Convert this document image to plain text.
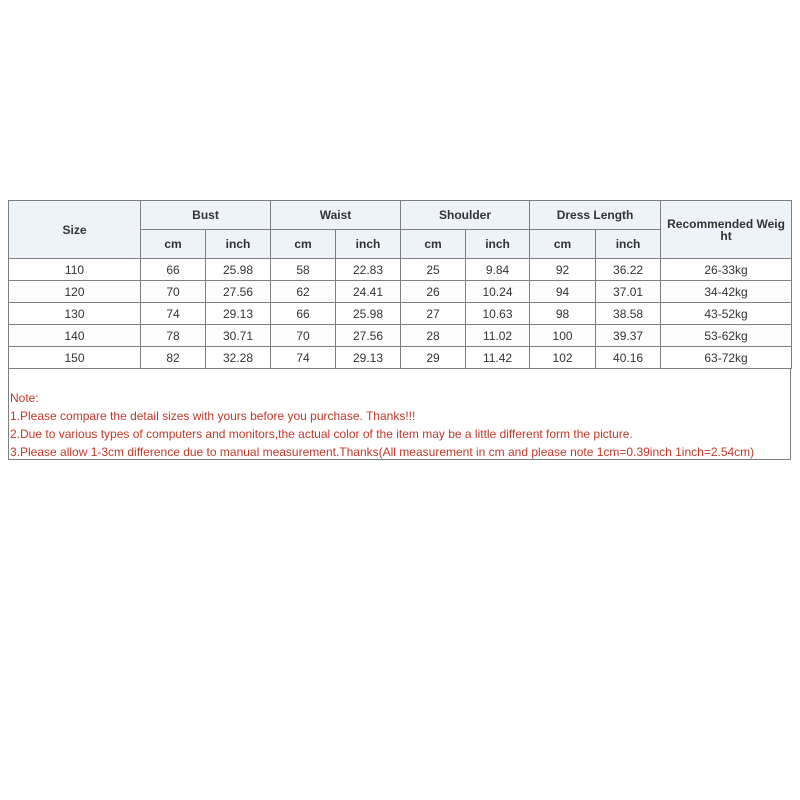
Size	Bust		Waist		Shoulder		Dress Length		Recommended Weig ht
	cm	inch	cm	inch	cm	inch	cm	inch	
110	66	25.98	58	22.83	25	9.84	92	36.22	26-33kg
120	70	27.56	62	24.41	26	10.24	94	37.01	34-42kg
130	74	29.13	66	25.98	27	10.63	98	38.58	43-52kg
140	78	30.71	70	27.56	28	11.02	100	39.37	53-62kg
150	82	32.28	74	29.13	29	11.42	102	40.16	63-72kg
Note:
1.Please compare the detail sizes with yours before you purchase. Thanks!!!
2.Due to various types of computers and monitors,the actual color of the item may be a little different form the picture.
3.Please allow 1-3cm difference due to manual measurement.Thanks(All measurement in cm and please note 1cm=0.39inch 1inch=2.54cm)
